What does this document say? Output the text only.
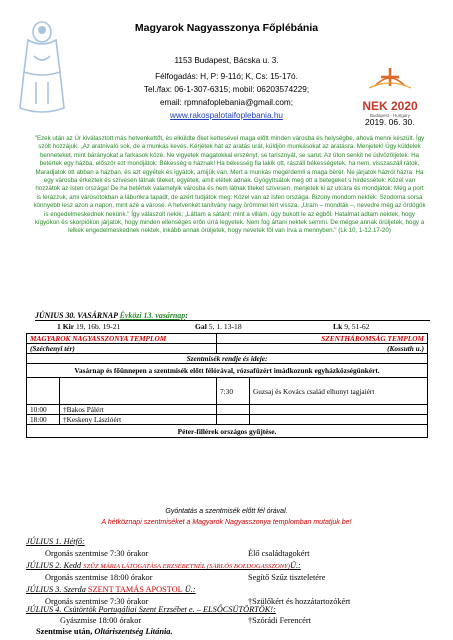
Magyarok Nagyasszonya Főplébánia
1153 Budapest, Bácska u. 3.
Félfogadás: H, P: 9-11ó; K, Cs: 15-17ó.
Tel./fax: 06-1-307-6315; mobil: 06203574229;
email: rpmnafoplebania@gmail.com;
www.rakospalotaifoplebania.hu
NEK 2020
Budapest · Hungary
2019. 06. 30.
"Ezek után az Úr kiválasztott más hetvenkettőt, és elküldte őket kettesével maga előtt minden városba és helységbe, ahová menni készült. Így szólt hozzájuk: „Az aratnivaló sok, de a munkás kevés. Kérjétek hát az aratás urát, küldjön munkásokat az aratásra. Menjetek! Úgy küldelek benneteket, mint bárányokat a farkasok közé. Ne vigyetek magatokkal erszényt, se tarisznyát, se sarut. Az úton senkit ne üdvözöljetek. Ha betértek egy házba, először ezt mondjátok: Békesség e háznak! Ha békesség fia lakik ott, rászáll békességetek, ha nem, visszaszáll rátok. Maradjatok ott abban a házban, és azt egyétek és igyátok, amijük van. Mert a munkás megérdemli a maga bérét. Ne járjatok házról házra. Ha egy városba érkeztek és szívesen látnak titeket, egyétek, amit elétek adnak. Gyógyítsátok meg ott a betegeket s hirdessétek: Közel van hozzátok az Isten országa! De ha betértek valamelyik városba és nem látnak titeket szívesen, menjetek ki az utcára és mondjátok: Még a port is lerázzuk, ami városotokban a lábunkra tapadt, de azért tudjátok meg: Közel van az Isten országa. Bizony mondom nektek: Szodoma sorsa könnyebb lesz azon a napon, mint azé a városé. A hetvenkét tanítvány nagy örömmel tért vissza. „Uram – mondták –, nevedre még az ördögök is engedelmeskednek nekünk." Így válaszolt nekik: „Láttam a sátánt: mint a villám, úgy bukott le az égből. Hatalmat adtam nektek, hogy kígyókon és skorpiókon járjatok, hogy minden ellenséges erőn úrrá legyetek. Nem fog ártani nektek semmi. De mégse annak örüljetek, hogy a lelkek engedelmeskednek nektek, inkább annak örüljetek, hogy nevetek föl van írva a mennyben." (Lk 10, 1-12.17-20)
JÚNIUS 30. VASÁRNAP Évközi 13. vasárnap:
1 Kir 19, 16b. 19-21	Gal 5, 1. 13-18	Lk 9, 51-62
MAGYAROK NAGYASSZONYA TEMPLOM		SZENTHÁROMSÁG TEMPLOM	
(Széchenyi tér)		(Kossuth u.)	
Szentmisék rendje és ideje:			
Vasárnap és főünnepen a szentmisék előtt félórával, rózsafüzért imádkozunk egyházközségünkért.			
		7:30	Guzsaj és Kovács család elhunyt tagjaiért
10:00	†Bakos Pálért		
18:00	†Keskeny Lászlóért		
Péter-fillérek országos gyűjtése.			
Gyóntatás a szentmisék előtt fél órával.
A hétköznapi szentmiséket a Magyarok Nagyasszonya templomban mutatjuk be!
JÚLIUS 1. Hétfő:
Orgonás szentmise 7:30 órakor	Élő családtagokért
JÚLIUS 2. Kedd SZŰZ MÁRIA LÁTOGATÁSA ERZSÉBETNÉL (SARLÓS BOLDOGASSZONY)Ü.:
Orgonás szentmise 18:00 órakor	Segítő Szűz tiszteletére
JÚLIUS 3. Szerda SZENT TAMÁS APOSTOL Ü.:
Orgonás szentmise 7:30 órakor	†Szülőkért és hozzátartozókért
JÚLIUS 4. Csütörtök Portugáliai Szent Erzsébet e. – ELSŐCSÜTÖRTÖK!:
Szentmise után, Oltáriszentség Litánia.
Gyászmise 18:00 órakor	†Szórádi Ferencért
